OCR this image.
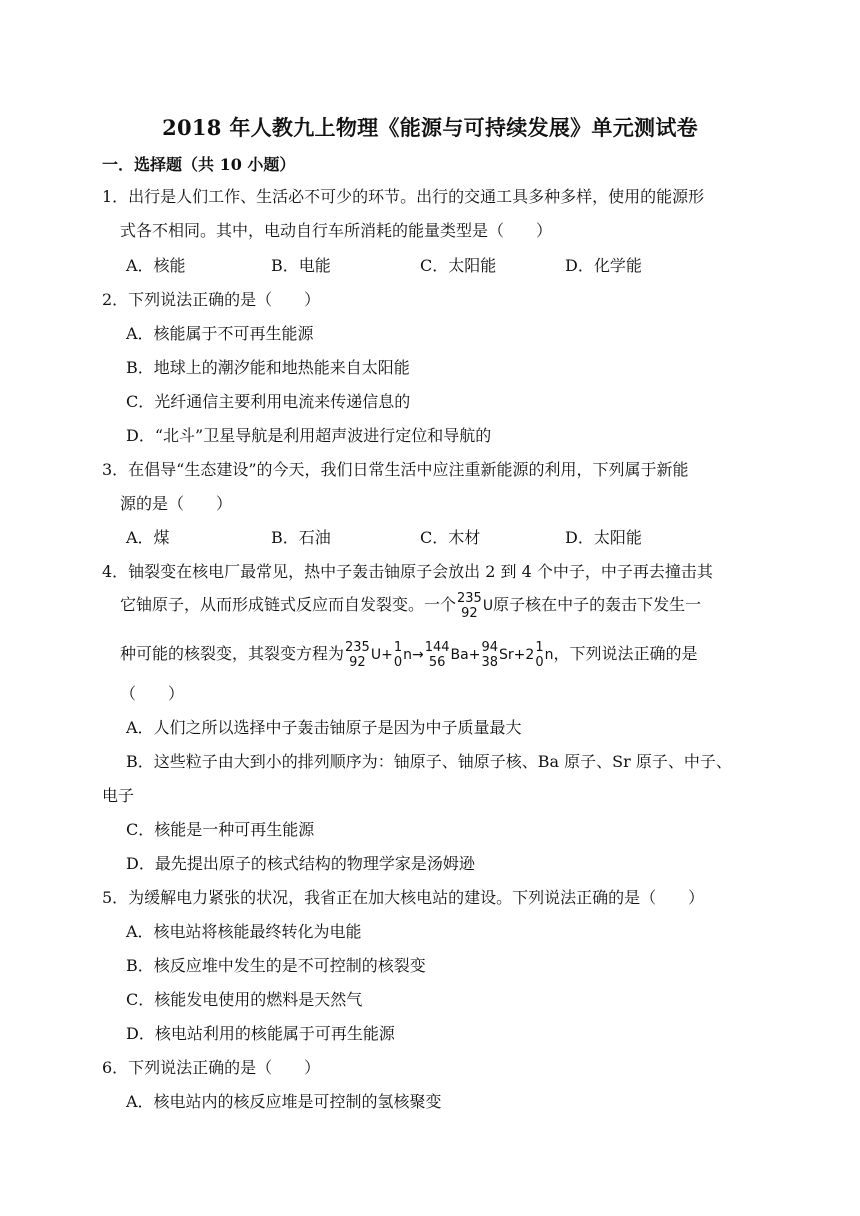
2018 年人教九上物理《能源与可持续发展》单元测试卷
一．选择题（共 10 小题）
1．出行是人们工作、生活必不可少的环节。出行的交通工具多种多样，使用的能源形
式各不相同。其中，电动自行车所消耗的能量类型是（　　）
A．核能	B．电能	C．太阳能	D．化学能
2．下列说法正确的是（　　）
A．核能属于不可再生能源
B．地球上的潮汐能和地热能来自太阳能
C．光纤通信主要利用电流来传递信息的
D．“北斗”卫星导航是利用超声波进行定位和导航的
3．在倡导“生态建设”的今天，我们日常生活中应注重新能源的利用，下列属于新能
源的是（　　）
A．煤	B．石油	C．木材	D．太阳能
4．铀裂变在核电厂最常见，热中子轰击铀原子会放出 2 到 4 个中子，中子再去撞击其
它铀原子，从而形成链式反应而自发裂变。一个 235
92 U原子核在中子的轰击下发生一
种可能的核裂变，其裂变方程为 235
92 U+ 1
0 n→ 144
56 Ba+ 94
38 Sr+2 1
0 n，下列说法正确的是
（　　）
A．人们之所以选择中子轰击铀原子是因为中子质量最大
B．这些粒子由大到小的排列顺序为：铀原子、铀原子核、Ba 原子、Sr 原子、中子、
电子
C．核能是一种可再生能源
D．最先提出原子的核式结构的物理学家是汤姆逊
5．为缓解电力紧张的状况，我省正在加大核电站的建设。下列说法正确的是（　　）
A．核电站将核能最终转化为电能
B．核反应堆中发生的是不可控制的核裂变
C．核能发电使用的燃料是天然气
D．核电站利用的核能属于可再生能源
6．下列说法正确的是（　　）
A．核电站内的核反应堆是可控制的氢核聚变
